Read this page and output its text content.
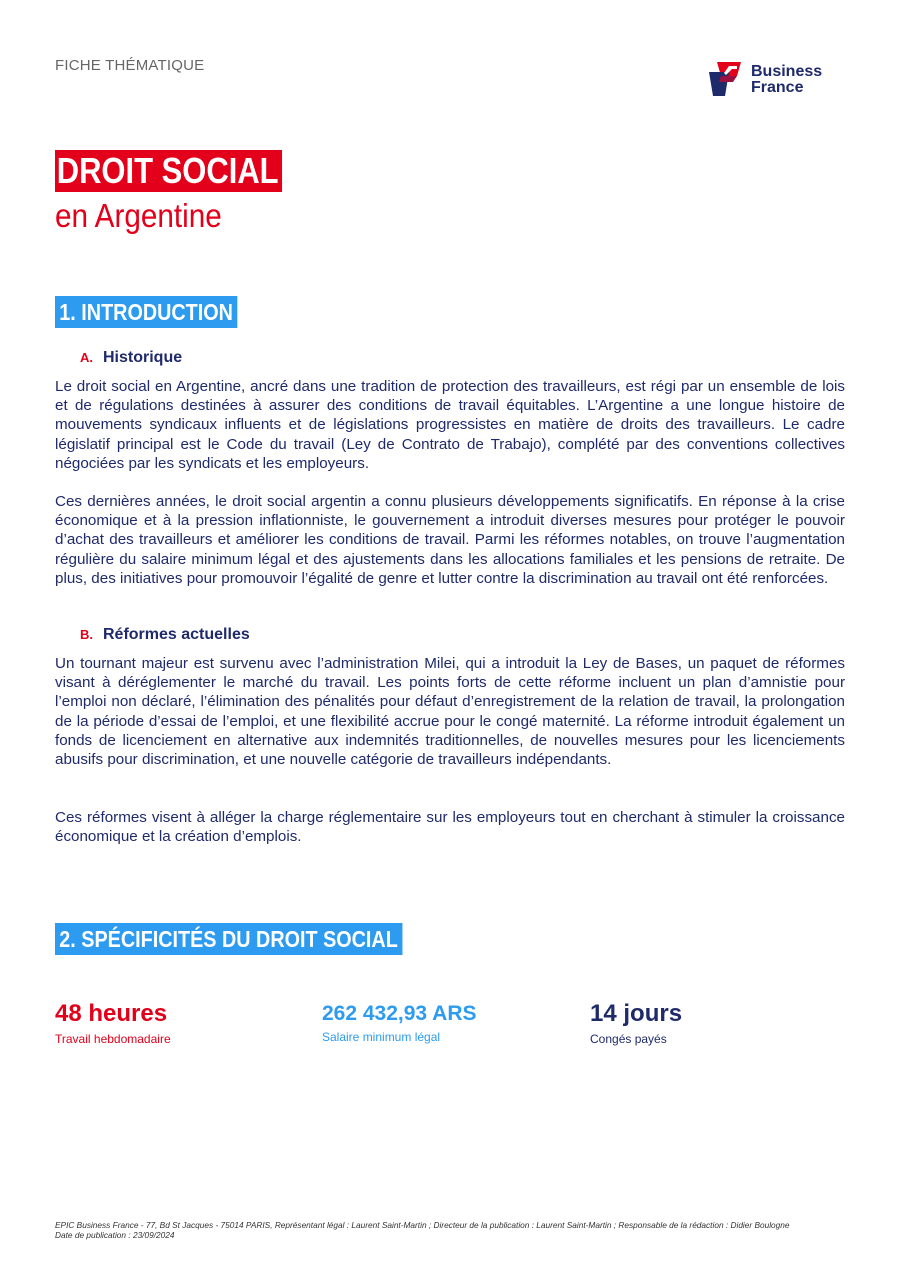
FICHE THÉMATIQUE	Business
France
DROIT SOCIAL
en Argentine
1. INTRODUCTION
A. Historique

Le droit social en Argentine, ancré dans une tradition de protection des travailleurs, est régi par un ensemble de lois et de régulations destinées à assurer des conditions de travail équitables. L’Argentine a une longue histoire de mouvements syndicaux influents et de législations progressistes en matière de droits des travailleurs. Le cadre législatif principal est le Code du travail (Ley de Contrato de Trabajo), complété par des conventions collectives négociées par les syndicats et les employeurs.

Ces dernières années, le droit social argentin a connu plusieurs développements significatifs. En réponse à la crise économique et à la pression inflationniste, le gouvernement a introduit diverses mesures pour protéger le pouvoir d’achat des travailleurs et améliorer les conditions de travail. Parmi les réformes notables, on trouve l’augmentation régulière du salaire minimum légal et des ajustements dans les allocations familiales et les pensions de retraite. De plus, des initiatives pour promouvoir l’égalité de genre et lutter contre la discrimination au travail ont été renforcées.

B. Réformes actuelles

Un tournant majeur est survenu avec l’administration Milei, qui a introduit la Ley de Bases, un paquet de réformes visant à déréglementer le marché du travail. Les points forts de cette réforme incluent un plan d’amnistie pour l’emploi non déclaré, l’élimination des pénalités pour défaut d’enregistrement de la relation de travail, la prolongation de la période d’essai de l’emploi, et une flexibilité accrue pour le congé maternité. La réforme introduit également un fonds de licenciement en alternative aux indemnités traditionnelles, de nouvelles mesures pour les licenciements abusifs pour discrimination, et une nouvelle catégorie de travailleurs indépendants.

Ces réformes visent à alléger la charge réglementaire sur les employeurs tout en cherchant à stimuler la croissance économique et la création d’emplois.

2. SPÉCIFICITÉS DU DROIT SOCIAL
48 heures
Travail hebdomadaire
262 432,93 ARS
Salaire minimum légal
14 jours
Congés payés
EPIC Business France - 77, Bd St Jacques - 75014 PARIS, Représentant légal : Laurent Saint-Martin ; Directeur de la publication : Laurent Saint-Martin ; Responsable de la rédaction : Didier Boulogne
Date de publication : 23/09/2024
